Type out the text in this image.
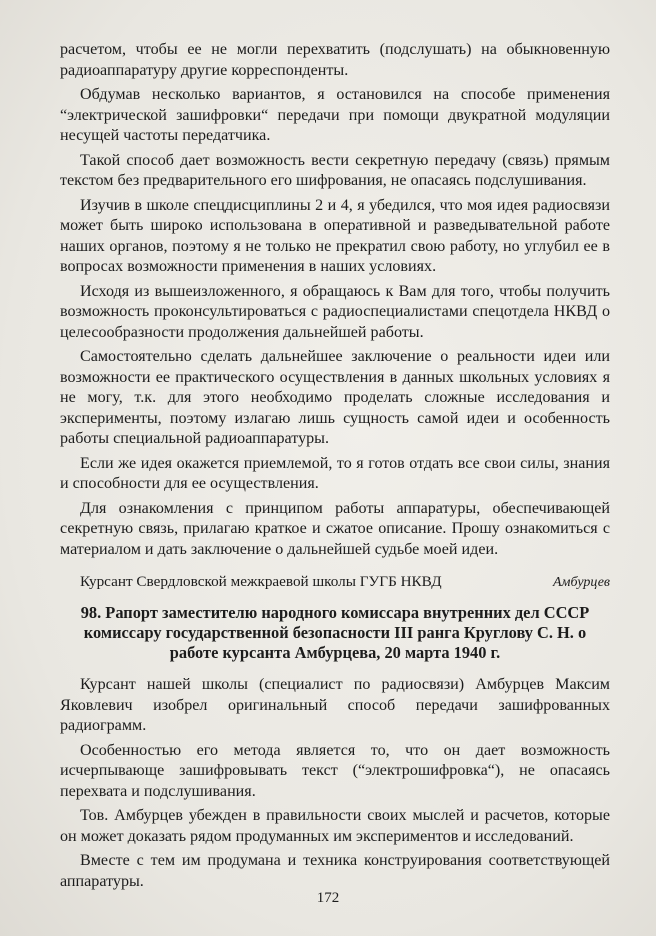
расчетом, чтобы ее не могли перехватить (подслушать) на обыкновенную радиоаппаратуру другие корреспонденты.

Обдумав несколько вариантов, я остановился на способе применения “электрической зашифровки“ передачи при помощи двукратной модуляции несущей частоты передатчика.

Такой способ дает возможность вести секретную передачу (связь) прямым текстом без предварительного его шифрования, не опасаясь подслушивания.

Изучив в школе спецдисциплины 2 и 4, я убедился, что моя идея радиосвязи может быть широко использована в оперативной и разведывательной работе наших органов, поэтому я не только не прекратил свою работу, но углубил ее в вопросах возможности применения в наших условиях.

Исходя из вышеизложенного, я обращаюсь к Вам для того, чтобы получить возможность проконсультироваться с радиоспециалистами спецотдела НКВД о целесообразности продолжения дальнейшей работы.

Самостоятельно сделать дальнейшее заключение о реальности идеи или возможности ее практического осуществления в данных школьных условиях я не могу, т.к. для этого необходимо проделать сложные исследования и эксперименты, поэтому излагаю лишь сущность самой идеи и особенность работы специальной радиоаппаратуры.

Если же идея окажется приемлемой, то я готов отдать все свои силы, знания и способности для ее осуществления.

Для ознакомления с принципом работы аппаратуры, обеспечивающей секретную связь, прилагаю краткое и сжатое описание. Прошу ознакомиться с материалом и дать заключение о дальнейшей судьбе моей идеи.

Курсант Свердловской межкраевой школы ГУГБ НКВД	Амбурцев
98. Рапорт заместителю народного комиссара внутренних дел СССР комиссару государственной безопасности III ранга Круглову С. Н. о работе курсанта Амбурцева, 20 марта 1940 г.

Курсант нашей школы (специалист по радиосвязи) Амбурцев Максим Яковлевич изобрел оригинальный способ передачи зашифрованных радиограмм.

Особенностью его метода является то, что он дает возможность исчерпывающе зашифровывать текст (“электрошифровка“), не опасаясь перехвата и подслушивания.

Тов. Амбурцев убежден в правильности своих мыслей и расчетов, которые он может доказать рядом продуманных им экспериментов и исследований.

Вместе с тем им продумана и техника конструирования соответствующей аппаратуры.

172
